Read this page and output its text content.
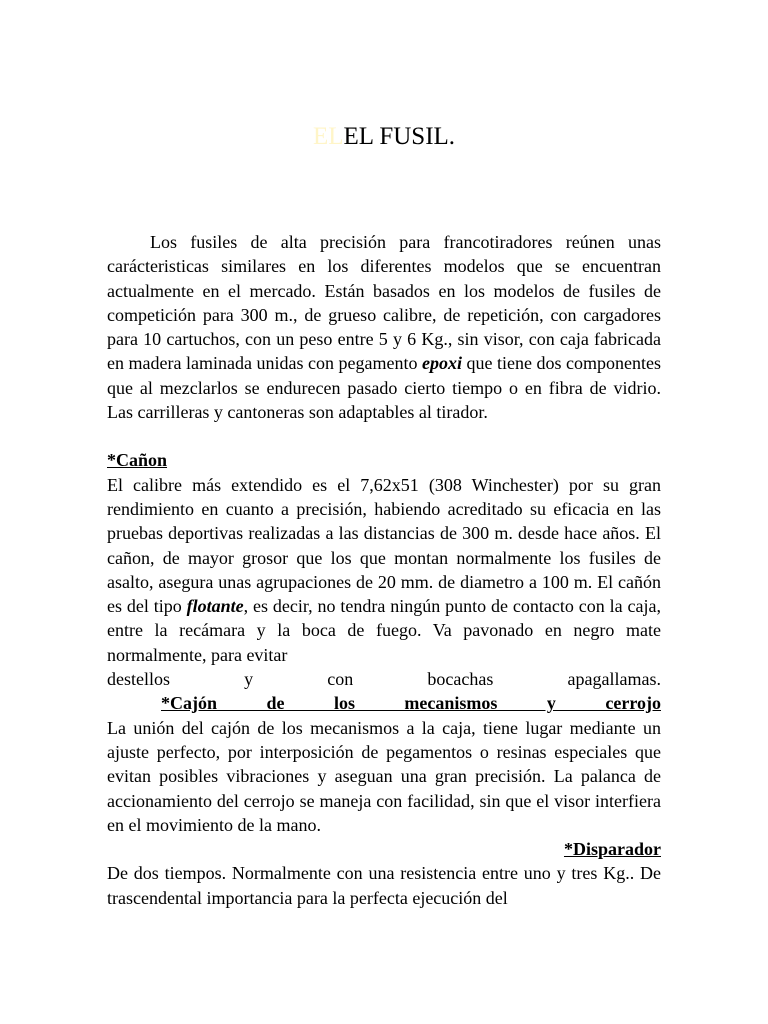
ELEL FUSIL.

Los fusiles de alta precisión para francotiradores reúnen unas carácteristicas similares en los diferentes modelos que se encuentran actualmente en el mercado. Están basados en los modelos de fusiles de competición para 300 m., de grueso calibre, de repetición, con cargadores para 10 cartuchos, con un peso entre 5 y 6 Kg., sin visor, con caja fabricada en madera laminada unidas con pegamento epoxi que tiene dos componentes que al mezclarlos se endurecen pasado cierto tiempo o en fibra de vidrio. Las carrilleras y cantoneras son adaptables al tirador.

*Cañon

El calibre más extendido es el 7,62x51 (308 Winchester) por su gran rendimiento en cuanto a precisión, habiendo acreditado su eficacia en las pruebas deportivas realizadas a las distancias de 300 m. desde hace años. El cañon, de mayor grosor que los que montan normalmente los fusiles de asalto, asegura unas agrupaciones de 20 mm. de diametro a 100 m. El cañón es del tipo flotante, es decir, no tendra ningún punto de contacto con la caja, entre la recámara y la boca de fuego. Va pavonado en negro mate normalmente, para evitar

destellos y con bocachas apagallamas.
*Cajón de los mecanismos y cerrojo

La unión del cajón de los mecanismos a la caja, tiene lugar mediante un ajuste perfecto, por interposición de pegamentos o resinas especiales que evitan posibles vibraciones y aseguan una gran precisión. La palanca de accionamiento del cerrojo se maneja con facilidad, sin que el visor interfiera en el movimiento de la mano.

*Disparador

De dos tiempos. Normalmente con una resistencia entre uno y tres Kg.. De trascendental importancia para la perfecta ejecución del
